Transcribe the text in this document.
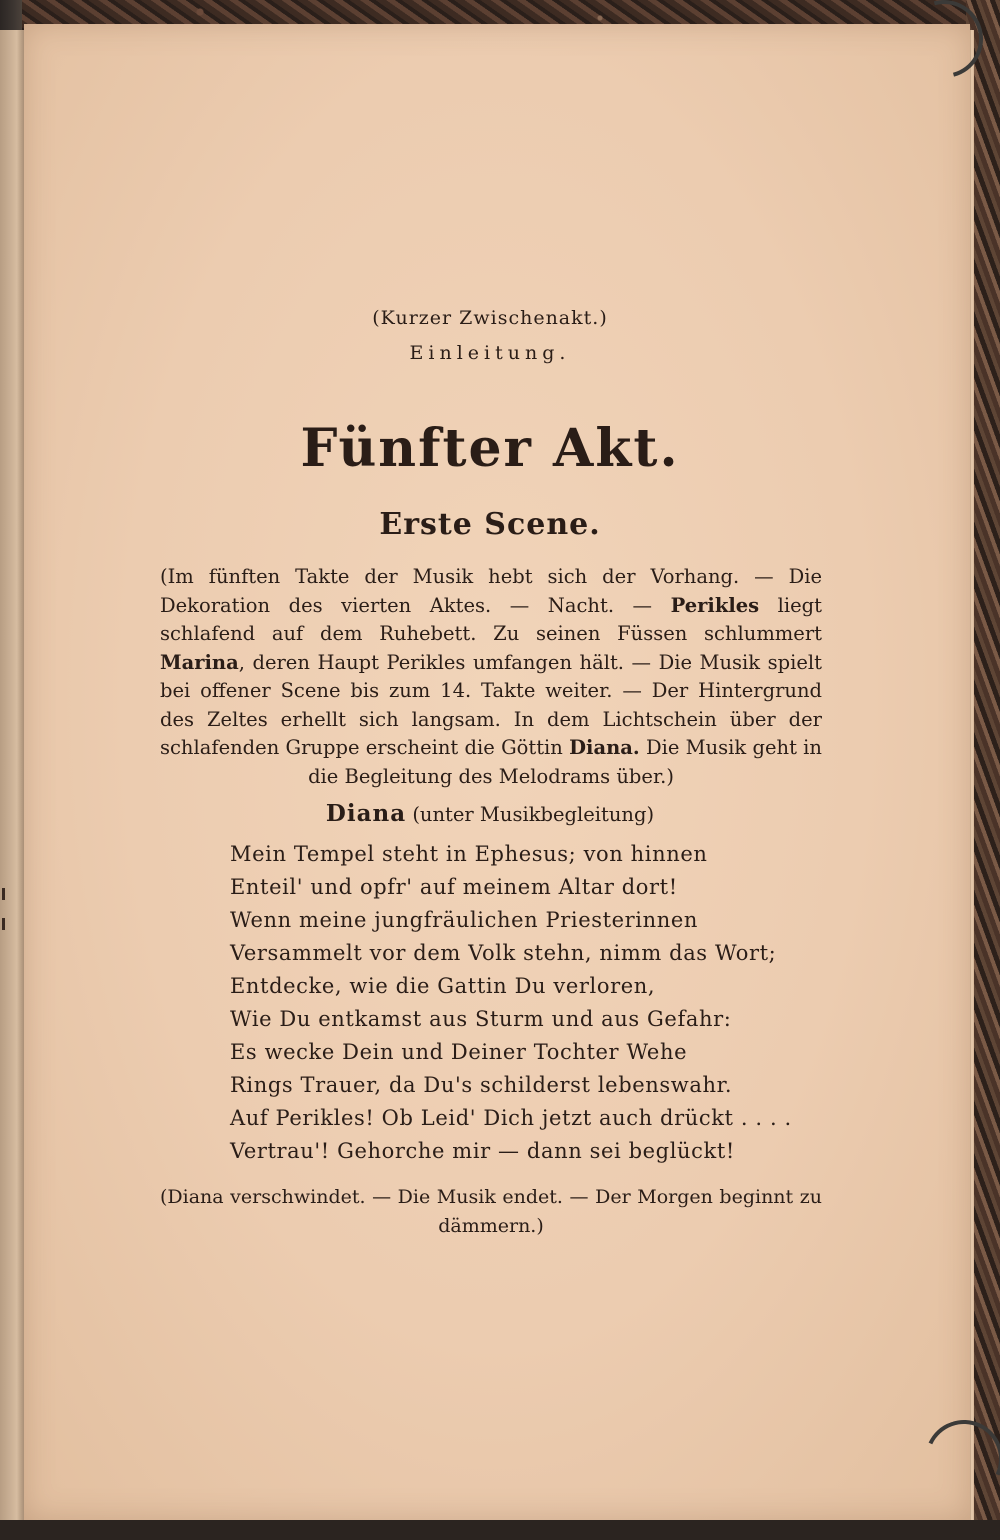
(Kurzer Zwischenakt.)
Einleitung.
Fünfter Akt.
Erste Scene.
(Im fünften Takte der Musik hebt sich der Vorhang. — Die Dekoration des vierten Aktes. — Nacht. — Perikles liegt schlafend auf dem Ruhebett. Zu seinen Füssen schlummert Marina, deren Haupt Perikles umfangen hält. — Die Musik spielt bei offener Scene bis zum 14. Takte weiter. — Der Hintergrund des Zeltes erhellt sich langsam. In dem Lichtschein über der schlafenden Gruppe erscheint die Göttin Diana. Die Musik geht in die Begleitung des Melodrams über.)
Diana (unter Musikbegleitung)
Mein Tempel steht in Ephesus; von hinnen
Enteil' und opfr' auf meinem Altar dort!
Wenn meine jungfräulichen Priesterinnen
Versammelt vor dem Volk stehn, nimm das Wort;
Entdecke, wie die Gattin Du verloren,
Wie Du entkamst aus Sturm und aus Gefahr:
Es wecke Dein und Deiner Tochter Wehe
Rings Trauer, da Du's schilderst lebenswahr.
Auf Perikles! Ob Leid' Dich jetzt auch drückt . . . .
Vertrau'! Gehorche mir — dann sei beglückt!
(Diana verschwindet. — Die Musik endet. — Der Morgen beginnt zu dämmern.)
